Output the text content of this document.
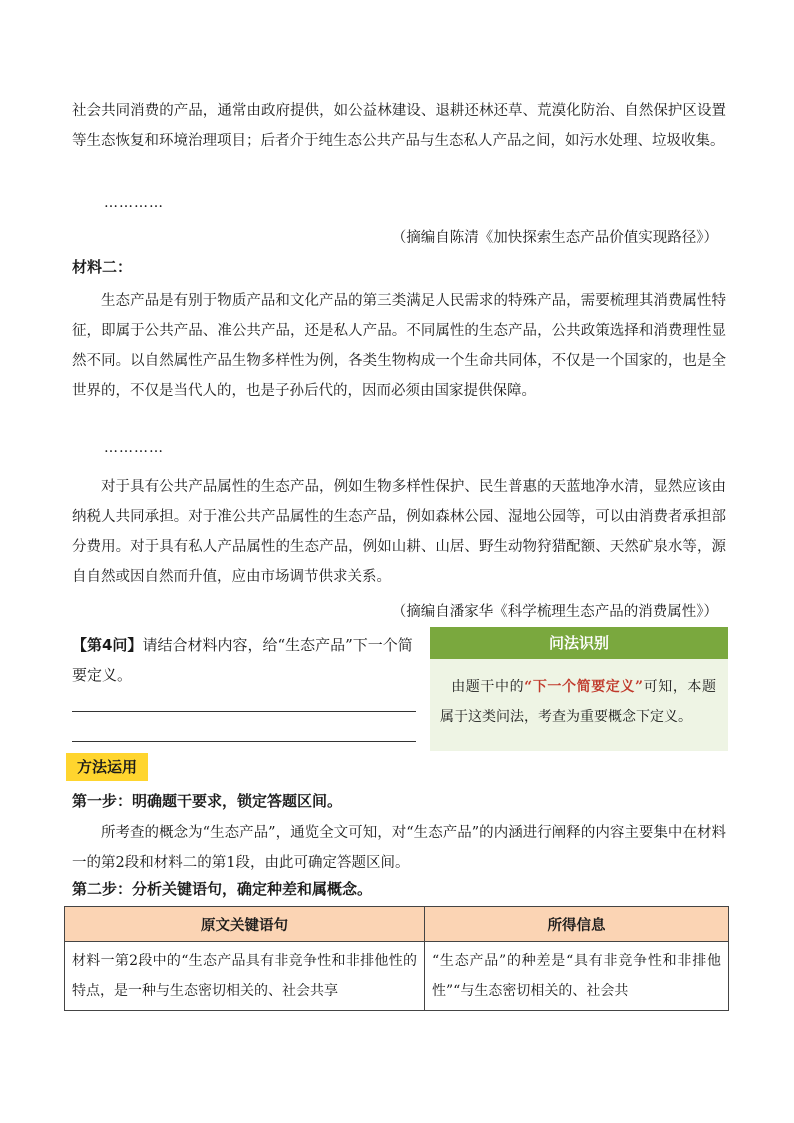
社会共同消费的产品，通常由政府提供，如公益林建设、退耕还林还草、荒漠化防治、自然保护区设置等生态恢复和环境治理项目；后者介于纯生态公共产品与生态私人产品之间，如污水处理、垃圾收集。

…………
（摘编自陈清《加快探索生态产品价值实现路径》）
材料二：

生态产品是有别于物质产品和文化产品的第三类满足人民需求的特殊产品，需要梳理其消费属性特征，即属于公共产品、准公共产品，还是私人产品。不同属性的生态产品，公共政策选择和消费理性显然不同。以自然属性产品生物多样性为例，各类生物构成一个生命共同体，不仅是一个国家的，也是全世界的，不仅是当代人的，也是子孙后代的，因而必须由国家提供保障。

…………

对于具有公共产品属性的生态产品，例如生物多样性保护、民生普惠的天蓝地净水清，显然应该由纳税人共同承担。对于准公共产品属性的生态产品，例如森林公园、湿地公园等，可以由消费者承担部分费用。对于具有私人产品属性的生态产品，例如山耕、山居、野生动物狩猎配额、天然矿泉水等，源自自然或因自然而升值，应由市场调节供求关系。

（摘编自潘家华《科学梳理生态产品的消费属性》）
【第4问】请结合材料内容，给“生态产品”下一个简要定义。
问法识别
由题干中的“下一个简要定义”可知，本题属于这类问法，考查为重要概念下定义。
方法运用
第一步：明确题干要求，锁定答题区间。

所考查的概念为“生态产品”，通览全文可知，对“生态产品”的内涵进行阐释的内容主要集中在材料一的第2段和材料二的第1段，由此可确定答题区间。

第二步：分析关键语句，确定种差和属概念。
原文关键语句	所得信息
材料一第2段中的“生态产品具有非竞争性和非排他性的特点，是一种与生态密切相关的、社会共享	“生态产品”的种差是“具有非竞争性和非排他性”“与生态密切相关的、社会共
